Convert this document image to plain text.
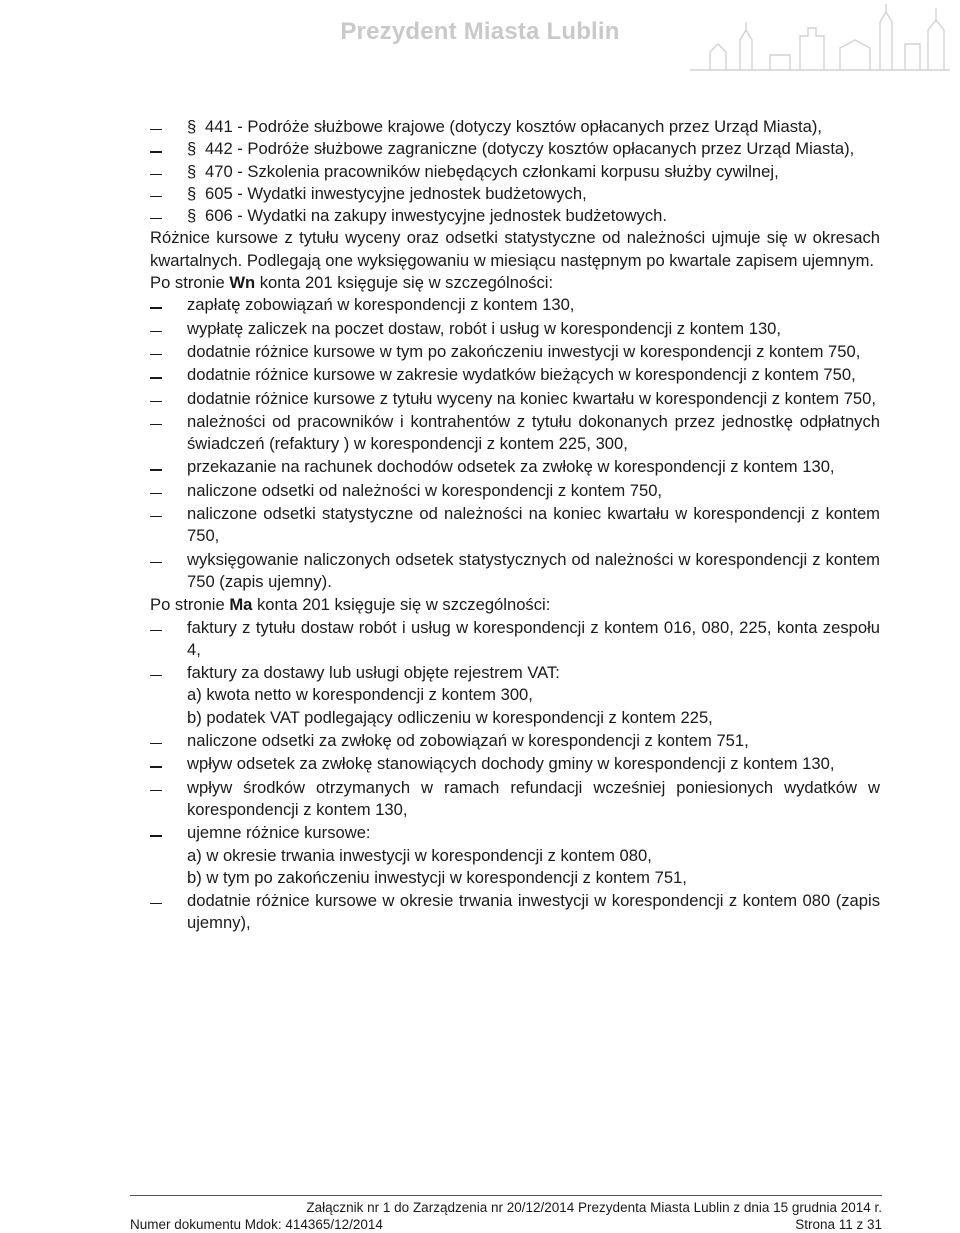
Prezydent Miasta Lublin
§ 441 - Podróże służbowe krajowe (dotyczy kosztów opłacanych przez Urząd Miasta),
§ 442 - Podróże służbowe zagraniczne (dotyczy kosztów opłacanych przez Urząd Miasta),
§ 470 - Szkolenia pracowników niebędących członkami korpusu służby cywilnej,
§ 605 - Wydatki inwestycyjne jednostek budżetowych,
§ 606 - Wydatki na zakupy inwestycyjne jednostek budżetowych.
Różnice kursowe z tytułu wyceny oraz odsetki statystyczne od należności ujmuje się w okresach kwartalnych. Podlegają one wyksięgowaniu w miesiącu następnym po kwartale zapisem ujemnym.

Po stronie Wn konta 201 księguje się w szczególności:

zapłatę zobowiązań w korespondencji z kontem 130,
wypłatę zaliczek na poczet dostaw, robót i usług w korespondencji z kontem 130,
dodatnie różnice kursowe w tym po zakończeniu inwestycji w korespondencji z kontem 750,
dodatnie różnice kursowe w zakresie wydatków bieżących w korespondencji z kontem 750,
dodatnie różnice kursowe z tytułu wyceny na koniec kwartału w korespondencji z kontem 750,
należności od pracowników i kontrahentów z tytułu dokonanych przez jednostkę odpłatnych świadczeń (refaktury ) w korespondencji z kontem 225, 300,
przekazanie na rachunek dochodów odsetek za zwłokę w korespondencji z kontem 130,
naliczone odsetki od należności w korespondencji z kontem 750,
naliczone odsetki statystyczne od należności na koniec kwartału w korespondencji z kontem 750,
wyksięgowanie naliczonych odsetek statystycznych od należności w korespondencji z kontem 750 (zapis ujemny).

Po stronie Ma konta 201 księguje się w szczególności:

faktury z tytułu dostaw robót i usług w korespondencji z kontem 016, 080, 225, konta zespołu 4,
faktury za dostawy lub usługi objęte rejestrem VAT:
a) kwota netto w korespondencji z kontem 300,
b) podatek VAT podlegający odliczeniu w korespondencji z kontem 225,
naliczone odsetki za zwłokę od zobowiązań w korespondencji z kontem 751,
wpływ odsetek za zwłokę stanowiących dochody gminy w korespondencji z kontem 130,
wpływ środków otrzymanych w ramach refundacji wcześniej poniesionych wydatków w korespondencji z kontem 130,
ujemne różnice kursowe:
a) w okresie trwania inwestycji w korespondencji z kontem 080,
b) w tym po zakończeniu inwestycji w korespondencji z kontem 751,
dodatnie różnice kursowe w okresie trwania inwestycji w korespondencji z kontem 080 (zapis ujemny),
Załącznik nr 1 do Zarządzenia nr 20/12/2014 Prezydenta Miasta Lublin z dnia 15 grudnia 2014 r.
Numer dokumentu Mdok: 414365/12/2014	Strona 11 z 31
